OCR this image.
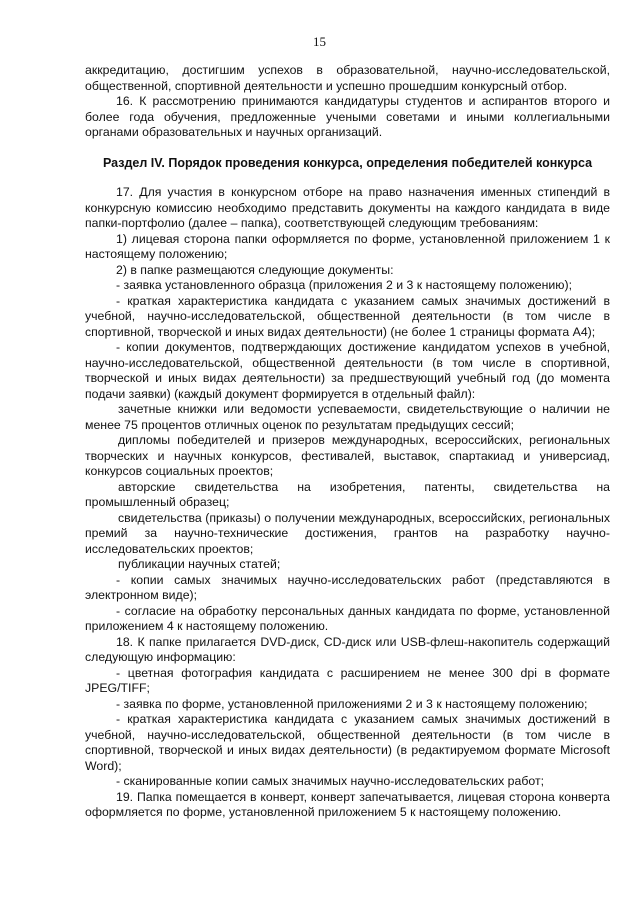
15

аккредитацию, достигшим успехов в образовательной, научно-исследовательской, общественной, спортивной деятельности и успешно прошедшим конкурсный отбор.

16. К рассмотрению принимаются кандидатуры студентов и аспирантов второго и более года обучения, предложенные учеными советами и иными коллегиальными органами образовательных и научных организаций.

Раздел IV. Порядок проведения конкурса, определения победителей конкурса

17. Для участия в конкурсном отборе на право назначения именных стипендий в конкурсную комиссию необходимо представить документы на каждого кандидата в виде папки-портфолио (далее – папка), соответствующей следующим требованиям:

1) лицевая сторона папки оформляется по форме, установленной приложением 1 к настоящему положению;

2) в папке размещаются следующие документы:

- заявка установленного образца (приложения 2 и 3 к настоящему положению);

- краткая характеристика кандидата с указанием самых значимых достижений в учебной, научно-исследовательской, общественной деятельности (в том числе в спортивной, творческой и иных видах деятельности) (не более 1 страницы формата А4);

- копии документов, подтверждающих достижение кандидатом успехов в учебной, научно-исследовательской, общественной деятельности (в том числе в спортивной, творческой и иных видах деятельности) за предшествующий учебный год (до момента подачи заявки) (каждый документ формируется в отдельный файл):

зачетные книжки или ведомости успеваемости, свидетельствующие о наличии не менее 75 процентов отличных оценок по результатам предыдущих сессий;

дипломы победителей и призеров международных, всероссийских, региональных творческих и научных конкурсов, фестивалей, выставок, спартакиад и универсиад, конкурсов социальных проектов;

авторские свидетельства на изобретения, патенты, свидетельства на промышленный образец;

свидетельства (приказы) о получении международных, всероссийских, региональных премий за научно-технические достижения, грантов на разработку научно-исследовательских проектов;

публикации научных статей;

- копии самых значимых научно-исследовательских работ (представляются в электронном виде);

- согласие на обработку персональных данных кандидата по форме, установленной приложением 4 к настоящему положению.

18. К папке прилагается DVD-диск, CD-диск или USB-флеш-накопитель содержащий следующую информацию:

- цветная фотография кандидата с расширением не менее 300 dpi в формате JPEG/TIFF;

- заявка по форме, установленной приложениями 2 и 3 к настоящему положению;

- краткая характеристика кандидата с указанием самых значимых достижений в учебной, научно-исследовательской, общественной деятельности (в том числе в спортивной, творческой и иных видах деятельности) (в редактируемом формате Microsoft Word);

- сканированные копии самых значимых научно-исследовательских работ;

19. Папка помещается в конверт, конверт запечатывается, лицевая сторона конверта оформляется по форме, установленной приложением 5 к настоящему положению.
